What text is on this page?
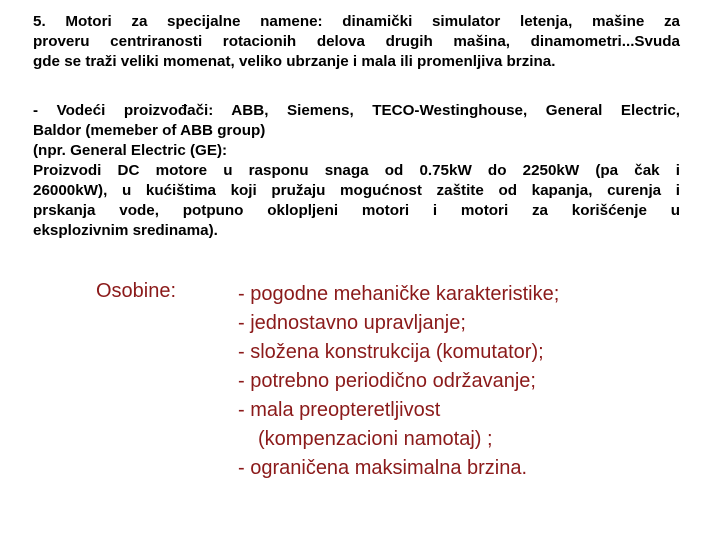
5. Motori za specijalne namene: dinamički simulator letenja, mašine za
proveru centriranosti rotacionih delova drugih mašina, dinamometri...Svuda
gde se traži veliki momenat, veliko ubrzanje i mala ili promenljiva brzina.
- Vodeći proizvođači: ABB, Siemens, TECO-Westinghouse, General Electric,
Baldor (memeber of ABB group)
(npr. General Electric (GE):
Proizvodi DC motore u rasponu snaga od 0.75kW do 2250kW (pa čak i
26000kW), u kućištima koji pružaju mogućnost zaštite od kapanja, curenja i
prskanja vode, potpuno oklopljeni motori i motori za korišćenje u
eksplozivnim sredinama).
Osobine:	- pogodne mehaničke karakteristike;
- jednostavno upravljanje;
- složena konstrukcija (komutator);
- potrebno periodično održavanje;
- mala preopteretljivost
(kompenzacioni namotaj) ;
- ograničena maksimalna brzina.
